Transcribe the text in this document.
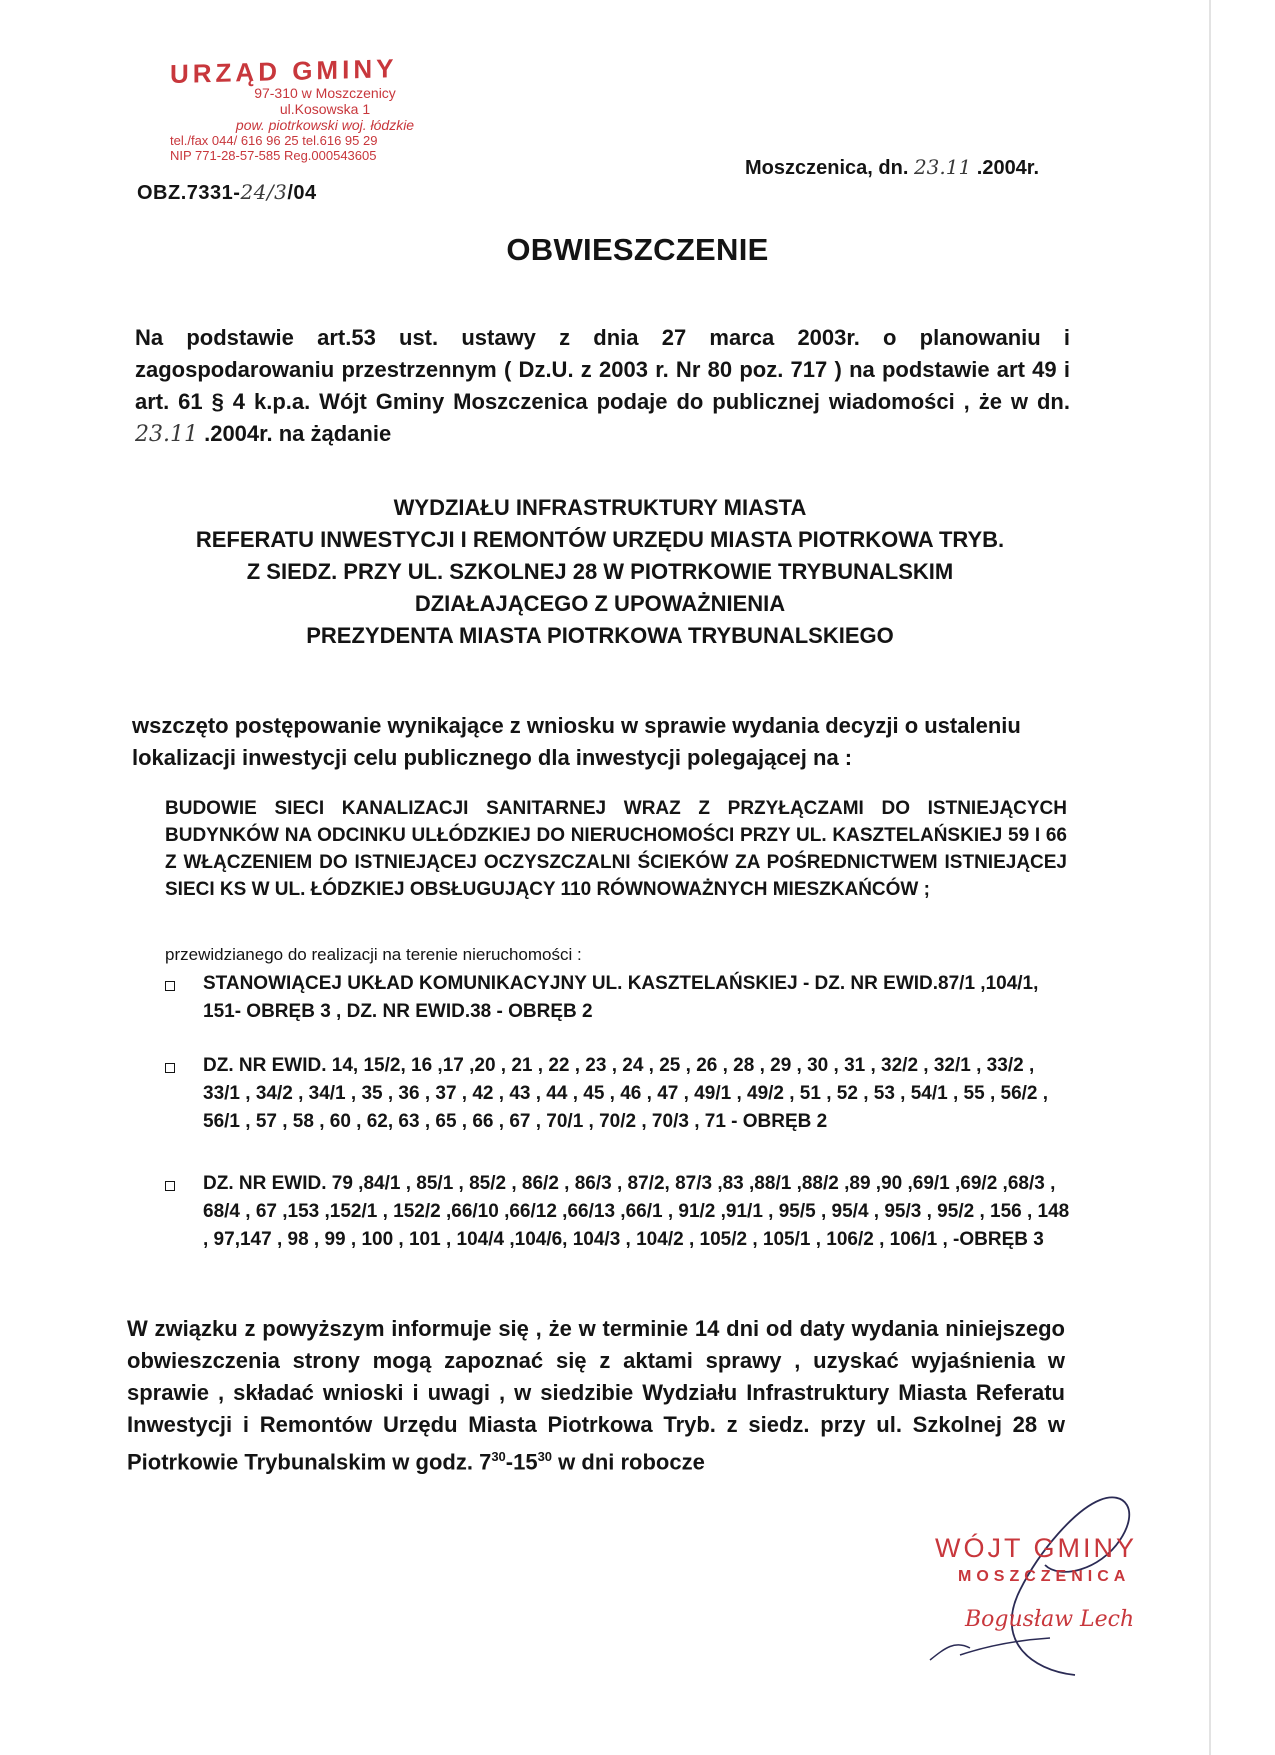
URZĄD GMINY
97-310 w Moszczenicy
ul.Kosowska 1
pow. piotrkowski woj. łódzkie
tel./fax 044/ 616 96 25 tel.616 95 29
NIP 771-28-57-585 Reg.000543605
OBZ.7331-24/3/04
Moszczenica, dn. 23.11 .2004r.
OBWIESZCZENIE
Na podstawie art.53 ust. ustawy z dnia 27 marca 2003r. o planowaniu i zagospodarowaniu przestrzennym ( Dz.U. z 2003 r. Nr 80 poz. 717 ) na podstawie art 49 i art. 61 § 4 k.p.a. Wójt Gminy Moszczenica podaje do publicznej wiadomości , że w dn. 23.11 .2004r. na żądanie
WYDZIAŁU INFRASTRUKTURY MIASTA
REFERATU INWESTYCJI I REMONTÓW URZĘDU MIASTA PIOTRKOWA TRYB.
Z SIEDZ. PRZY UL. SZKOLNEJ 28 W PIOTRKOWIE TRYBUNALSKIM
DZIAŁAJĄCEGO Z UPOWAŻNIENIA
PREZYDENTA MIASTA PIOTRKOWA TRYBUNALSKIEGO
wszczęto postępowanie wynikające z wniosku w sprawie wydania decyzji o ustaleniu lokalizacji inwestycji celu publicznego dla inwestycji polegającej na :
BUDOWIE SIECI KANALIZACJI SANITARNEJ WRAZ Z PRZYŁĄCZAMI DO ISTNIEJĄCYCH BUDYNKÓW NA ODCINKU ULŁÓDZKIEJ DO NIERUCHOMOŚCI PRZY UL. KASZTELAŃSKIEJ 59 I 66 Z WŁĄCZENIEM DO ISTNIEJĄCEJ OCZYSZCZALNI ŚCIEKÓW ZA POŚREDNICTWEM ISTNIEJĄCEJ SIECI KS W UL. ŁÓDZKIEJ OBSŁUGUJĄCY 110 RÓWNOWAŻNYCH MIESZKAŃCÓW ;
przewidzianego do realizacji na terenie nieruchomości :
STANOWIĄCEJ UKŁAD KOMUNIKACYJNY UL. KASZTELAŃSKIEJ - DZ. NR EWID.87/1 ,104/1, 151- OBRĘB 3 , DZ. NR EWID.38 - OBRĘB 2
DZ. NR EWID. 14, 15/2, 16 ,17 ,20 , 21 , 22 , 23 , 24 , 25 , 26 , 28 , 29 , 30 , 31 , 32/2 , 32/1 , 33/2 , 33/1 , 34/2 , 34/1 , 35 , 36 , 37 , 42 , 43 , 44 , 45 , 46 , 47 , 49/1 , 49/2 , 51 , 52 , 53 , 54/1 , 55 , 56/2 , 56/1 , 57 , 58 , 60 , 62, 63 , 65 , 66 , 67 , 70/1 , 70/2 , 70/3 , 71 - OBRĘB 2
DZ. NR EWID. 79 ,84/1 , 85/1 , 85/2 , 86/2 , 86/3 , 87/2, 87/3 ,83 ,88/1 ,88/2 ,89 ,90 ,69/1 ,69/2 ,68/3 , 68/4 , 67 ,153 ,152/1 , 152/2 ,66/10 ,66/12 ,66/13 ,66/1 , 91/2 ,91/1 , 95/5 , 95/4 , 95/3 , 95/2 , 156 , 148 , 97,147 , 98 , 99 , 100 , 101 , 104/4 ,104/6, 104/3 , 104/2 , 105/2 , 105/1 , 106/2 , 106/1 , -OBRĘB 3
W związku z powyższym informuje się , że w terminie 14 dni od daty wydania niniejszego obwieszczenia strony mogą zapoznać się z aktami sprawy , uzyskać wyjaśnienia w sprawie , składać wnioski i uwagi , w siedzibie Wydziału Infrastruktury Miasta Referatu Inwestycji i Remontów Urzędu Miasta Piotrkowa Tryb. z siedz. przy ul. Szkolnej 28 w Piotrkowie Trybunalskim w godz. $7^{30}-15^{30}$ w dni robocze
WÓJT GMINY
MOSZCZENICA
Bogusław Lech
